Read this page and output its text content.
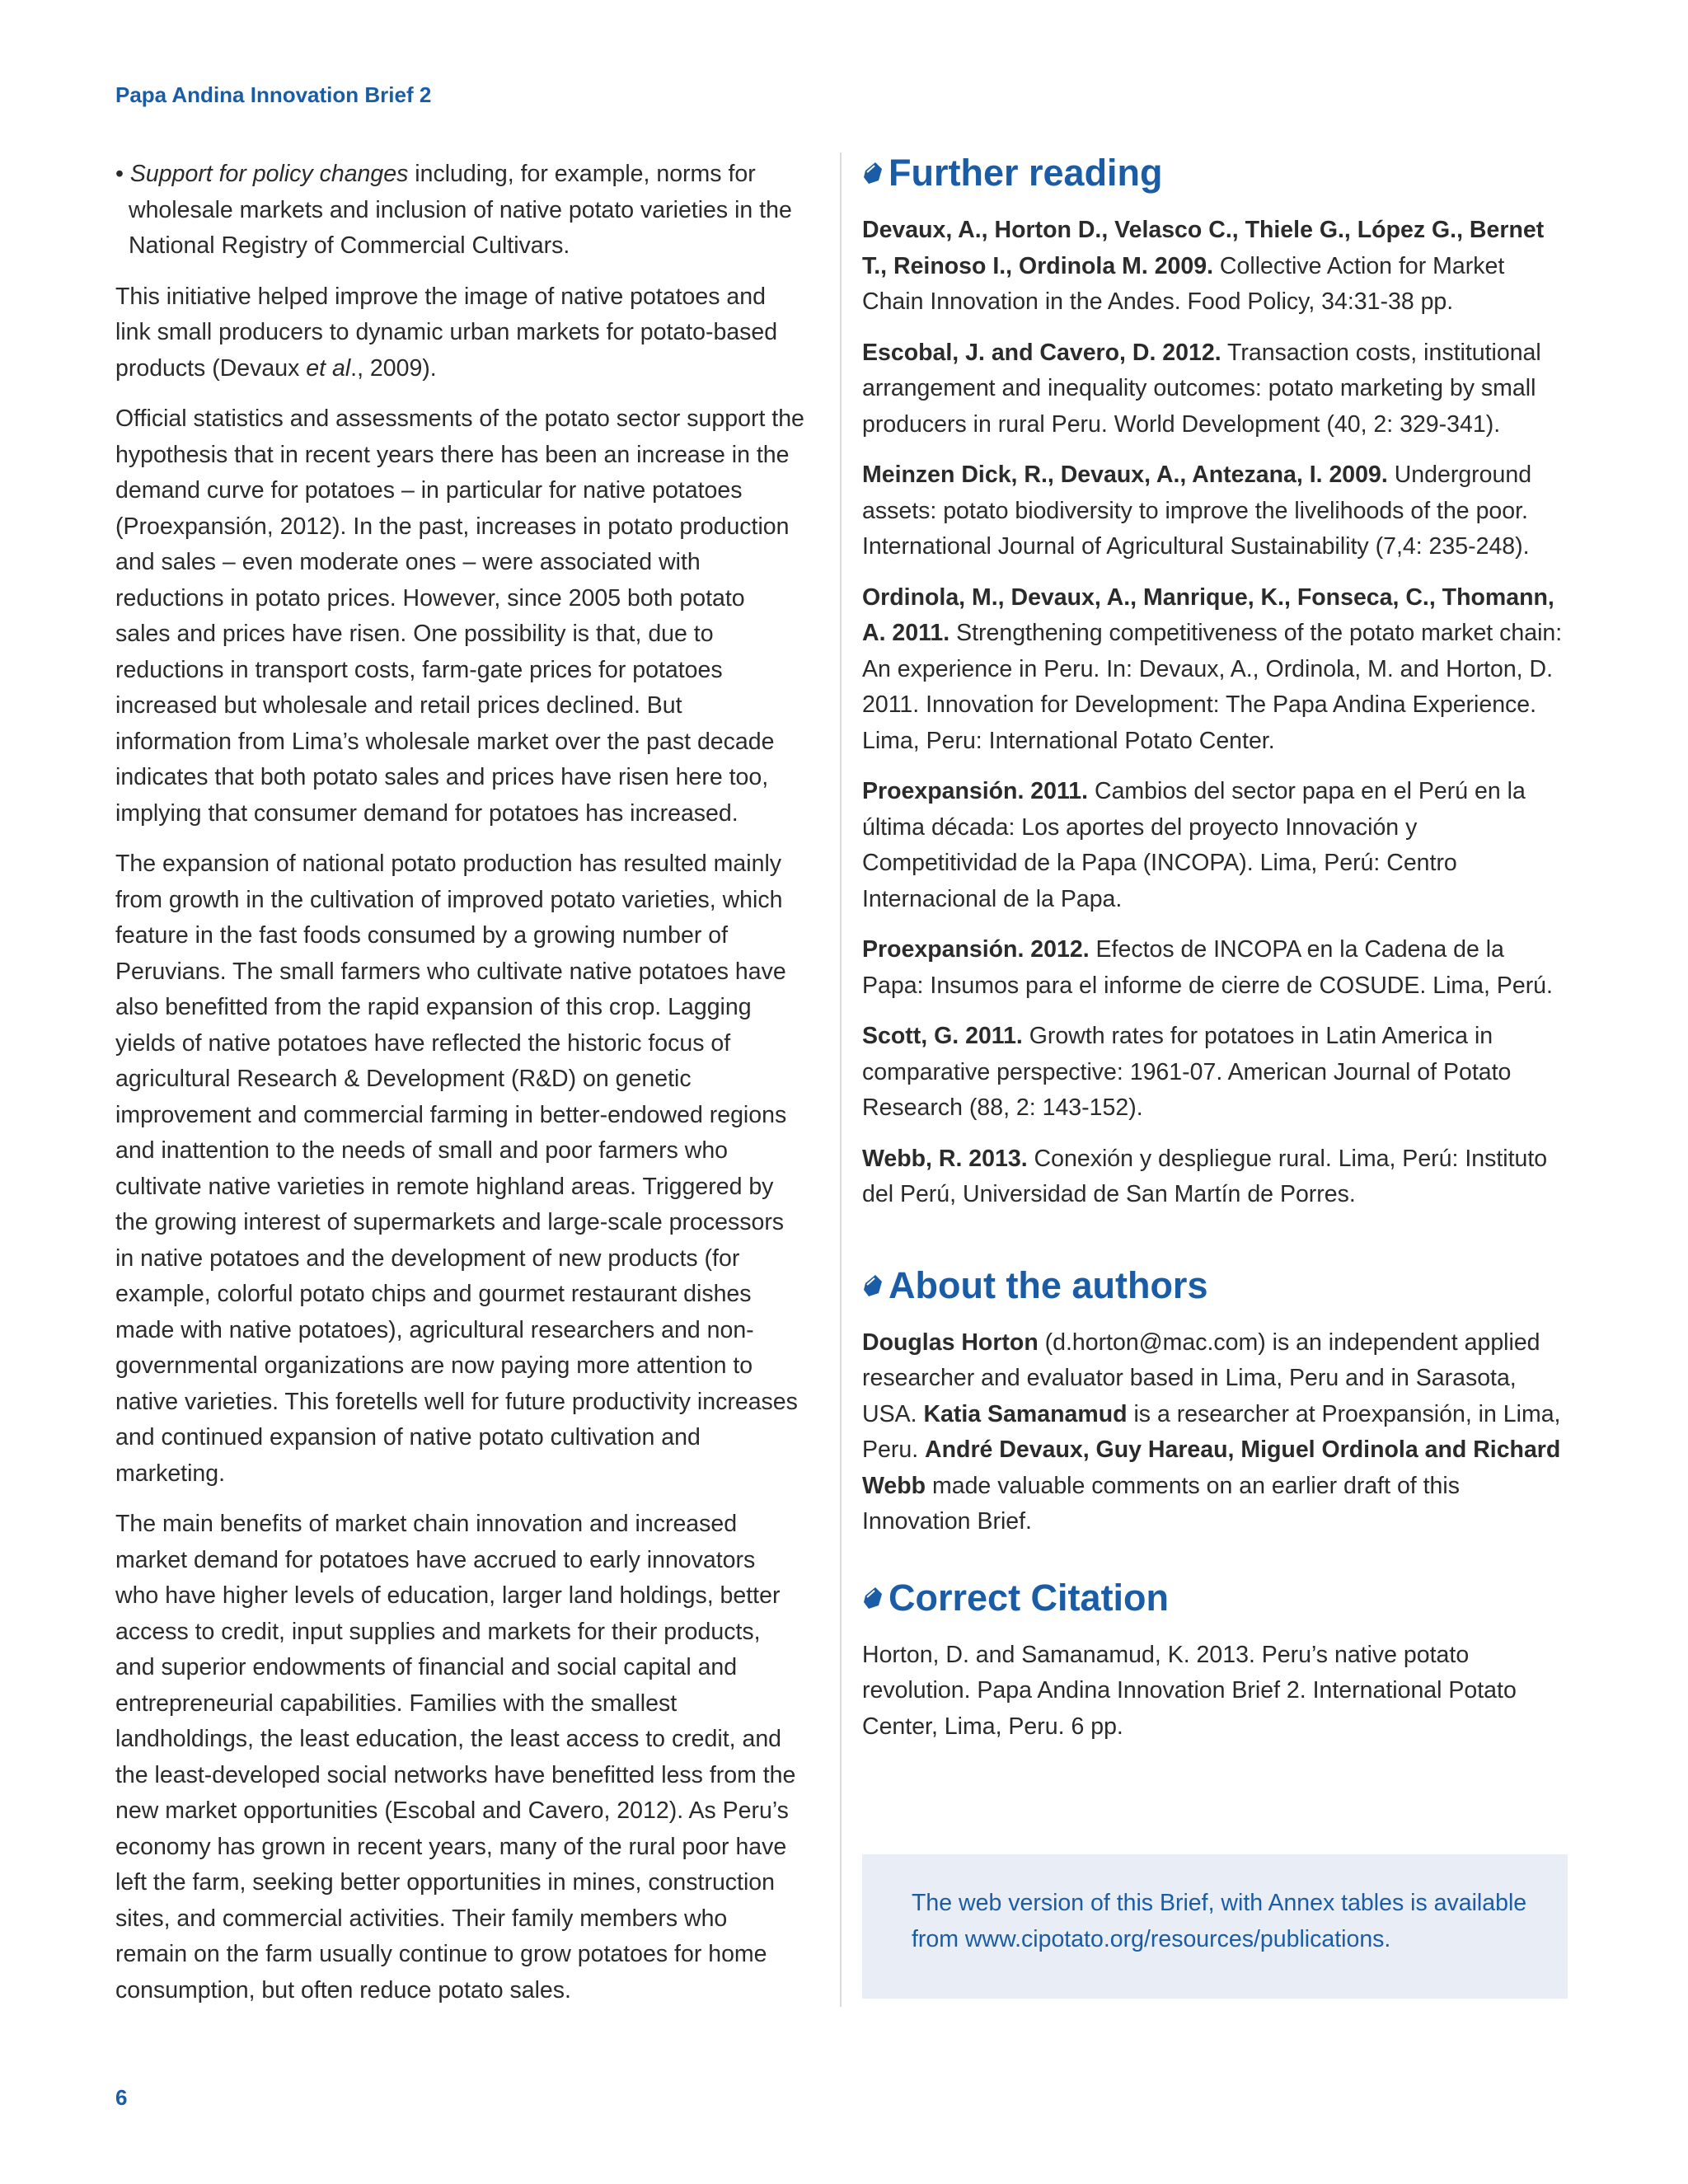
Papa Andina Innovation Brief 2

• Support for policy changes including, for example, norms for wholesale markets and inclusion of native potato varieties in the National Registry of Commercial Cultivars.

This initiative helped improve the image of native potatoes and link small producers to dynamic urban markets for potato-based products (Devaux et al., 2009).

Official statistics and assessments of the potato sector support the hypothesis that in recent years there has been an increase in the demand curve for potatoes – in particular for native potatoes (Proexpansión, 2012). In the past, increases in potato production and sales – even moderate ones – were associated with reductions in potato prices. However, since 2005 both potato sales and prices have risen. One possibility is that, due to reductions in transport costs, farm-gate prices for potatoes increased but wholesale and retail prices declined. But information from Lima’s wholesale market over the past decade indicates that both potato sales and prices have risen here too, implying that consumer demand for potatoes has increased.

The expansion of national potato production has resulted mainly from growth in the cultivation of improved potato varieties, which feature in the fast foods consumed by a growing number of Peruvians. The small farmers who cultivate native potatoes have also benefitted from the rapid expansion of this crop. Lagging yields of native potatoes have reflected the historic focus of agricultural Research & Development (R&D) on genetic improvement and commercial farming in better-endowed regions and inattention to the needs of small and poor farmers who cultivate native varieties in remote highland areas. Triggered by the growing interest of supermarkets and large-scale processors in native potatoes and the development of new products (for example, colorful potato chips and gourmet restaurant dishes made with native potatoes), agricultural researchers and non-governmental organizations are now paying more attention to native varieties. This foretells well for future productivity increases and continued expansion of native potato cultivation and marketing.

The main benefits of market chain innovation and increased market demand for potatoes have accrued to early innovators who have higher levels of education, larger land holdings, better access to credit, input supplies and markets for their products, and superior endowments of financial and social capital and entrepreneurial capabilities. Families with the smallest landholdings, the least education, the least access to credit, and the least-developed social networks have benefitted less from the new market opportunities (Escobal and Cavero, 2012). As Peru’s economy has grown in recent years, many of the rural poor have left the farm, seeking better opportunities in mines, construction sites, and commercial activities. Their family members who remain on the farm usually continue to grow potatoes for home consumption, but often reduce potato sales.

Further reading

Devaux, A., Horton D., Velasco C., Thiele G., López G., Bernet T., Reinoso I., Ordinola M. 2009. Collective Action for Market Chain Innovation in the Andes. Food Policy, 34:31-38 pp.

Escobal, J. and Cavero, D. 2012. Transaction costs, institutional arrangement and inequality outcomes: potato marketing by small producers in rural Peru. World Development (40, 2: 329-341).

Meinzen Dick, R., Devaux, A., Antezana, I. 2009. Underground assets: potato biodiversity to improve the livelihoods of the poor. International Journal of Agricultural Sustainability (7,4: 235-248).

Ordinola, M., Devaux, A., Manrique, K., Fonseca, C., Thomann, A. 2011. Strengthening competitiveness of the potato market chain: An experience in Peru. In: Devaux, A., Ordinola, M. and Horton, D. 2011. Innovation for Development: The Papa Andina Experience. Lima, Peru: International Potato Center.

Proexpansión. 2011. Cambios del sector papa en el Perú en la última década: Los aportes del proyecto Innovación y Competitividad de la Papa (INCOPA). Lima, Perú: Centro Internacional de la Papa.

Proexpansión. 2012. Efectos de INCOPA en la Cadena de la Papa: Insumos para el informe de cierre de COSUDE. Lima, Perú.

Scott, G. 2011. Growth rates for potatoes in Latin America in comparative perspective: 1961-07. American Journal of Potato Research (88, 2: 143-152).

Webb, R. 2013. Conexión y despliegue rural. Lima, Perú: Instituto del Perú, Universidad de San Martín de Porres.

About the authors

Douglas Horton (d.horton@mac.com) is an independent applied researcher and evaluator based in Lima, Peru and in Sarasota, USA. Katia Samanamud is a researcher at Proexpansión, in Lima, Peru. André Devaux, Guy Hareau, Miguel Ordinola and Richard Webb made valuable comments on an earlier draft of this Innovation Brief.

Correct Citation

Horton, D. and Samanamud, K. 2013. Peru’s native potato revolution. Papa Andina Innovation Brief 2. International Potato Center, Lima, Peru. 6 pp.

The web version of this Brief, with Annex tables is available from www.cipotato.org/resources/publications.
6
